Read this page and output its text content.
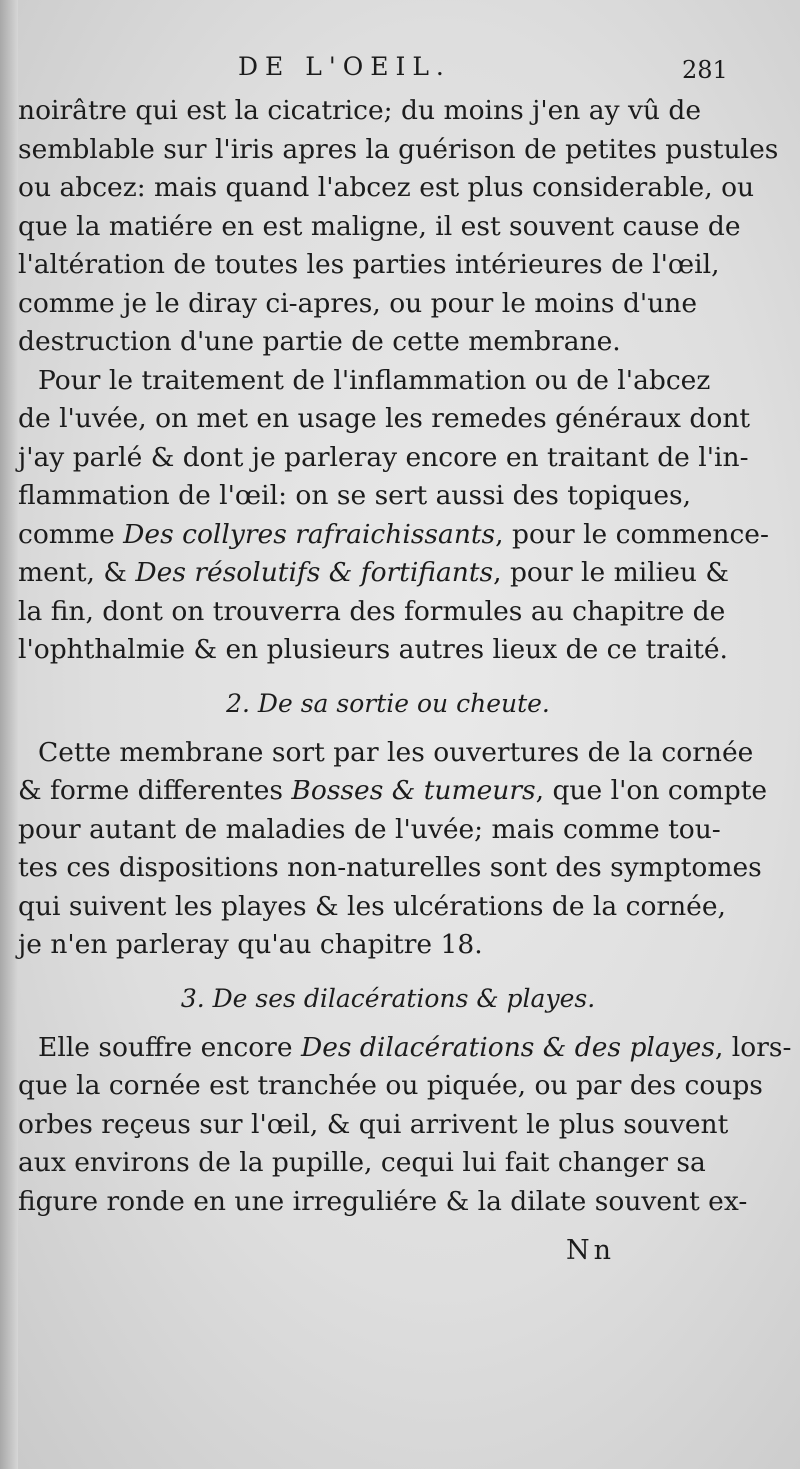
DE L'OEIL.	281
noirâtre qui est la cicatrice; du moins j'en ay vû de
semblable sur l'iris apres la guérison de petites pustules
ou abcez: mais quand l'abcez est plus considerable, ou
que la matiére en est maligne, il est souvent cause de
l'altération de toutes les parties intérieures de l'œil,
comme je le diray ci-apres, ou pour le moins d'une
destruction d'une partie de cette membrane.
Pour le traitement de l'inflammation ou de l'abcez
de l'uvée, on met en usage les remedes généraux dont
j'ay parlé & dont je parleray encore en traitant de l'in-
flammation de l'œil: on se sert aussi des topiques,
comme Des collyres rafraichissants, pour le commence-
ment, & Des résolutifs & fortifiants, pour le milieu &
la fin, dont on trouverra des formules au chapitre de
l'ophthalmie & en plusieurs autres lieux de ce traité.
2. De sa sortie ou cheute.
Cette membrane sort par les ouvertures de la cornée
& forme differentes Bosses & tumeurs, que l'on compte
pour autant de maladies de l'uvée; mais comme tou-
tes ces dispositions non-naturelles sont des symptomes
qui suivent les playes & les ulcérations de la cornée,
je n'en parleray qu'au chapitre 18.
3. De ses dilacérations & playes.
Elle souffre encore Des dilacérations & des playes, lors-
que la cornée est tranchée ou piquée, ou par des coups
orbes reçeus sur l'œil, & qui arrivent le plus souvent
aux environs de la pupille, cequi lui fait changer sa
figure ronde en une irreguliére & la dilate souvent ex-
Nn
